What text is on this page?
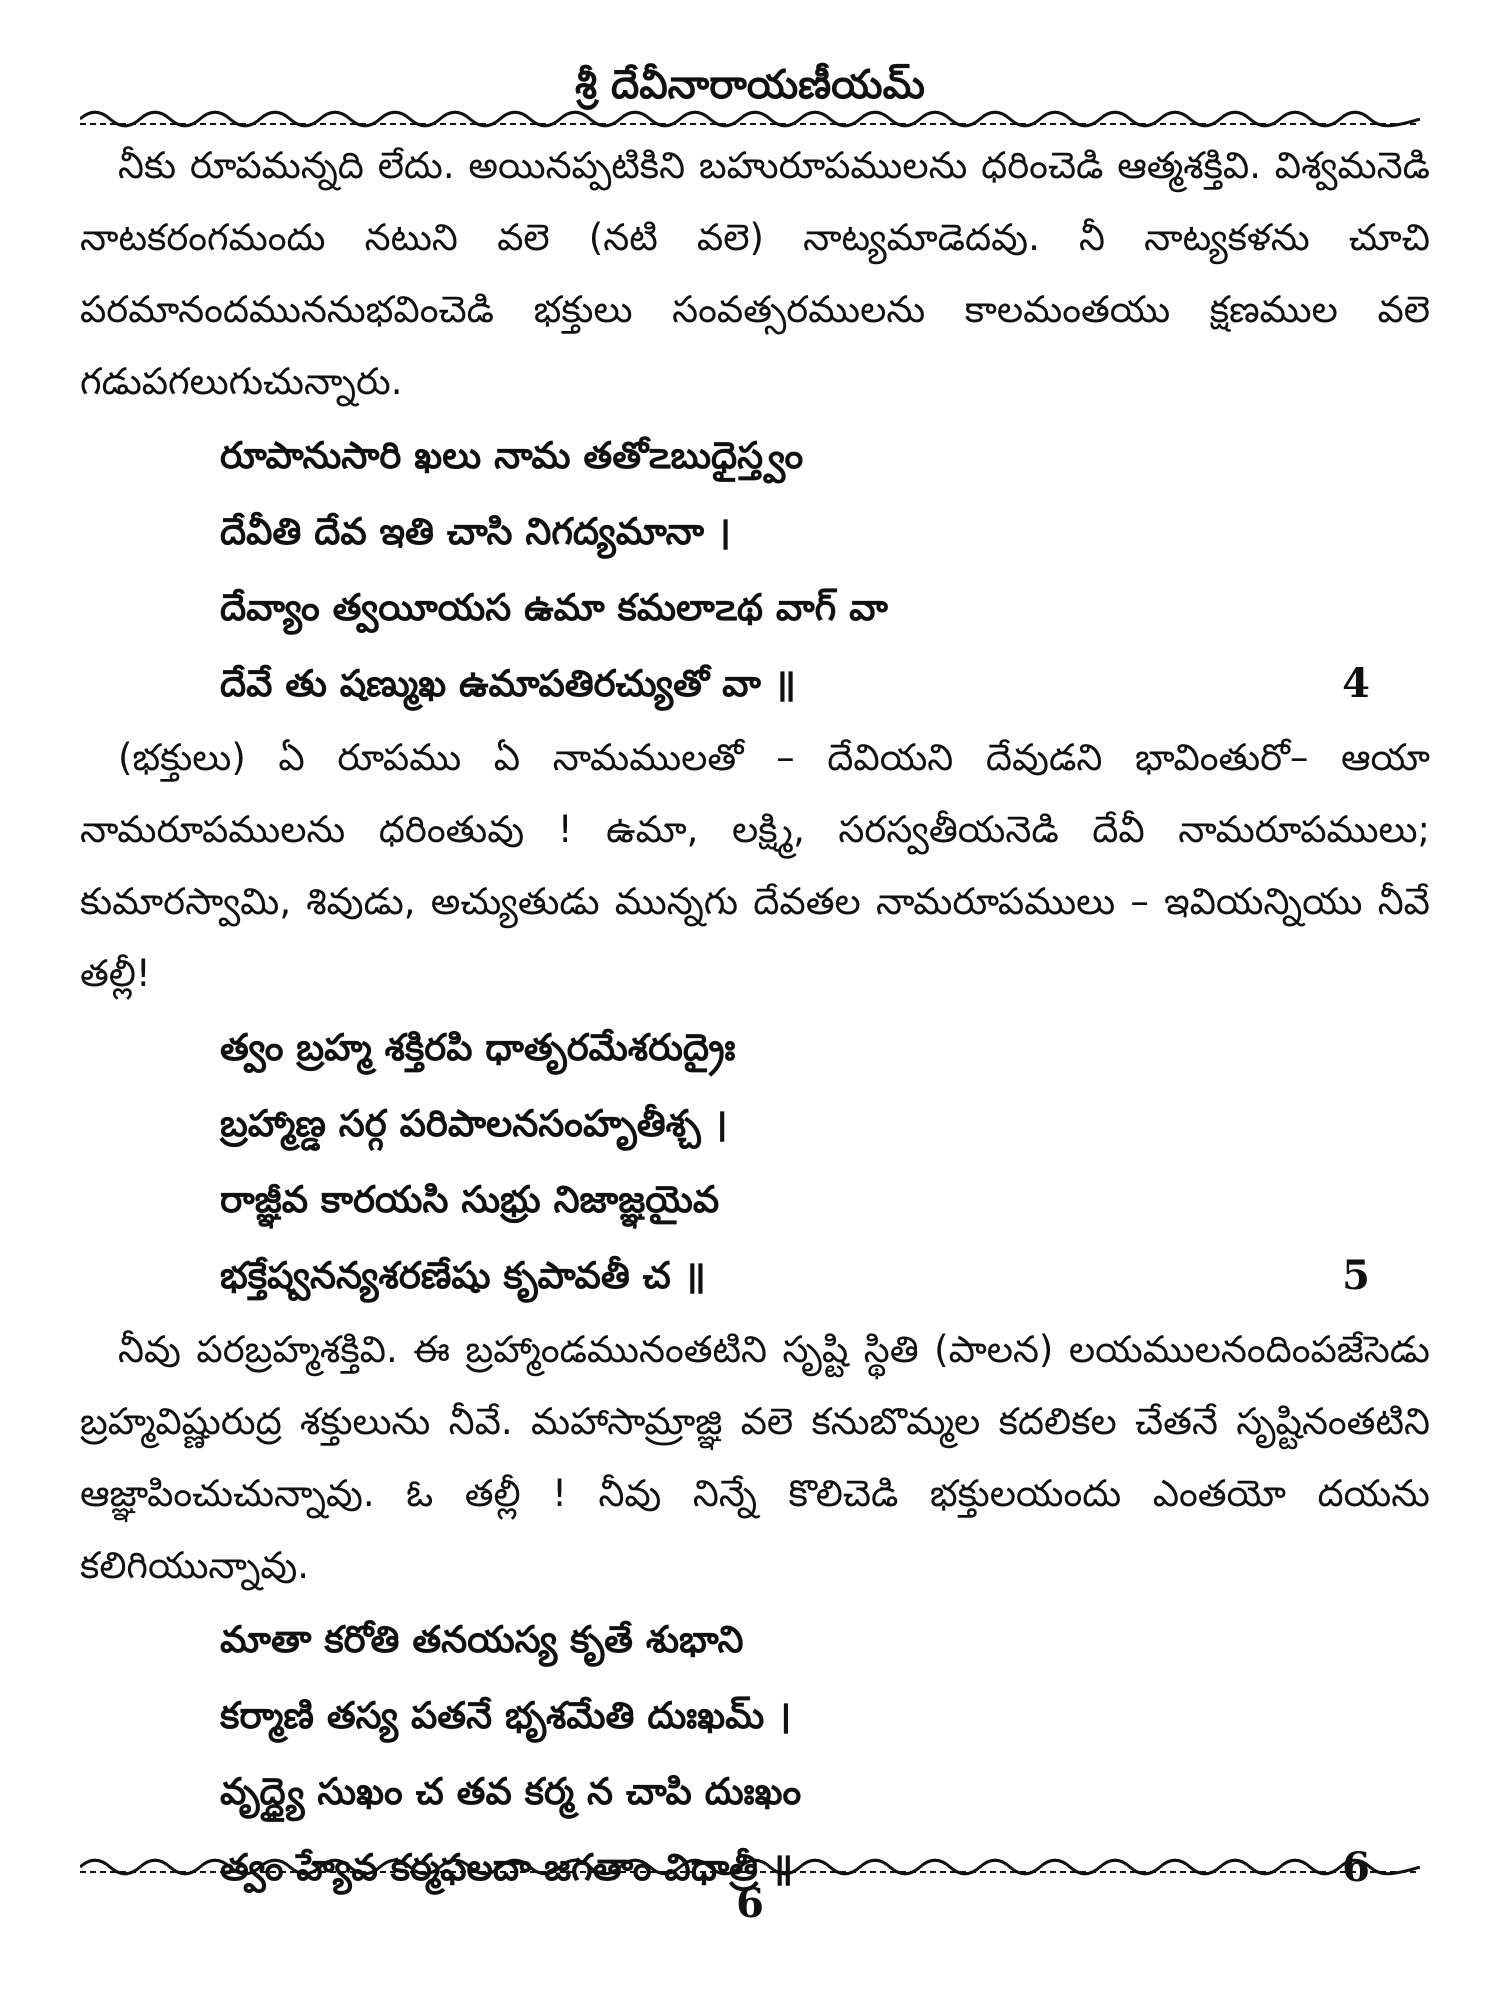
శ్రీ దేవీనారాయణీయమ్

నీకు రూపమన్నది లేదు. అయినప్పటికిని బహురూపములను ధరించెడి ఆత్మశక్తివి. విశ్వమనెడి నాటకరంగమందు నటుని వలె (నటి వలె) నాట్యమాడెదవు. నీ నాట్యకళను చూచి పరమానందముననుభవించెడి భక్తులు సంవత్సరములను కాలమంతయు క్షణముల వలె గడుపగలుగుచున్నారు.

రూపానుసారి ఖలు నామ తతో౽బుధైస్త్వం
దేవీతి దేవ ఇతి చాసి నిగద్యమానా ।
దేవ్యాం త్వయీయస ఉమా కమలా౽థ వాగ్ వా
దేవే తు షణ్ముఖ ఉమాపతిరచ్యుతో వా ॥	4

(భక్తులు) ఏ రూపము ఏ నామములతో – దేవియని దేవుడని భావింతురో– ఆయా నామరూపములను ధరింతువు ! ఉమా, లక్ష్మి, సరస్వతీయనెడి దేవీ నామరూపములు; కుమారస్వామి, శివుడు, అచ్యుతుడు మున్నగు దేవతల నామరూపములు – ఇవియన్నియు నీవే తల్లీ!

త్వం బ్రహ్మ శక్తిరపి ధాతృరమేశరుద్రైః
బ్రహ్మాణ్డ సర్గ పరిపాలనసంహృతీశ్చ ।
రాజ్ఞీవ కారయసి సుభ్రు నిజాజ్ఞయైవ
భక్తేష్వనన్యశరణేషు కృపావతీ చ ॥	5

నీవు పరబ్రహ్మశక్తివి. ఈ బ్రహ్మాండమునంతటిని సృష్టి స్థితి (పాలన) లయములనందింపజేసెడు బ్రహ్మవిష్ణురుద్ర శక్తులును నీవే. మహాసామ్రాజ్ఞి వలె కనుబొమ్మల కదలికల చేతనే సృష్టినంతటిని ఆజ్ఞాపించుచున్నావు. ఓ తల్లీ ! నీవు నిన్నే కొలిచెడి భక్తులయందు ఎంతయో దయను కలిగియున్నావు.

మాతా కరోతి తనయస్య కృతే శుభాని
కర్మాణి తస్య పతనే భృశమేతి దుఃఖమ్ ।
వృద్ధ్యై సుఖం చ తవ కర్మ న చాపి దుఃఖం
త్వం హ్యేవ కర్మఫలదా జగతాం విధాత్రీ ॥	6
6
